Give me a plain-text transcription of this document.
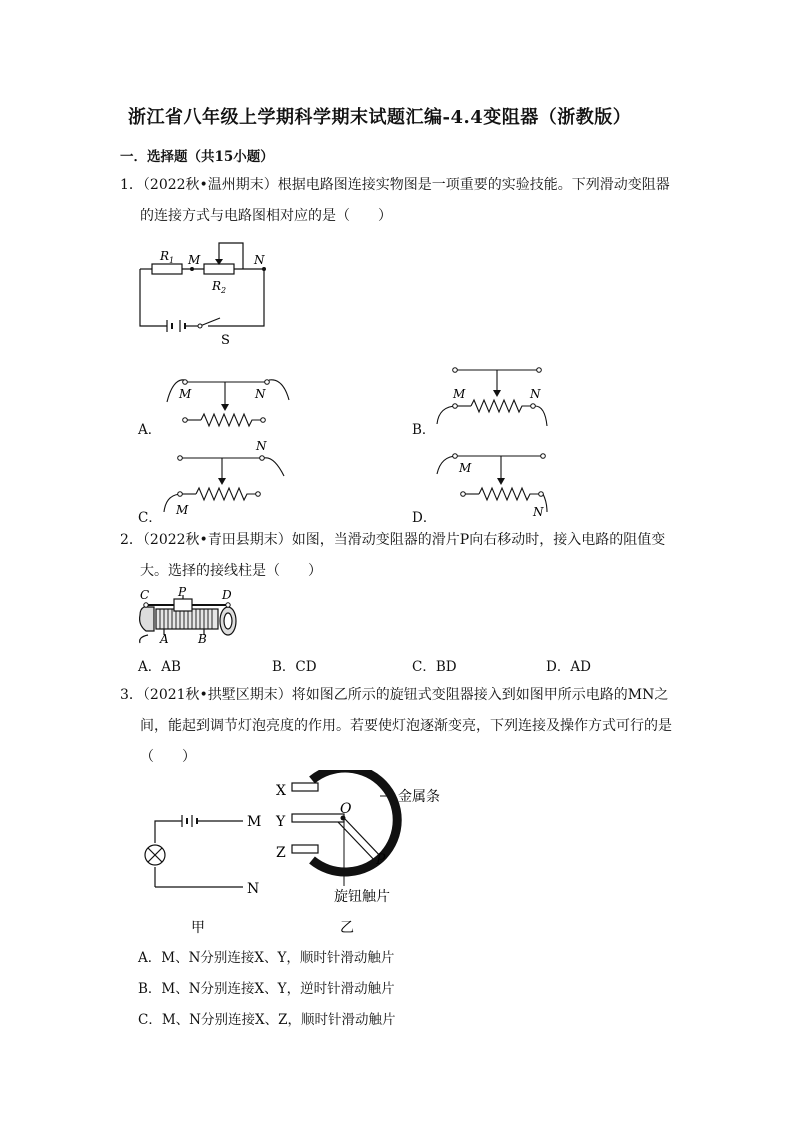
浙江省八年级上学期科学期末试题汇编-4.4变阻器（浙教版）
一．选择题（共15小题）
1．（2022秋•温州期末）根据电路图连接实物图是一项重要的实验技能。下列滑动变阻器
的连接方式与电路图相对应的是（　　）
$R_1$ M
$R_2$
N
S
A．
M	N
B．
M	N
C．
N
M	D．
M
N
2．（2022秋•青田县期末）如图，当滑动变阻器的滑片P向右移动时，接入电路的阻值变
大。选择的接线柱是（　　）
C P	D
A B
A．AB	B．CD	C．BD	D．AD
3．（2021秋•拱墅区期末）将如图乙所示的旋钮式变阻器接入到如图甲所示电路的MN之
间，能起到调节灯泡亮度的作用。若要使灯泡逐渐变亮，下列连接及操作方式可行的是
（　　）
M
N
甲
X
Y
Z
O
P
金属条
旋钮触片
乙
A．M、N分别连接X、Y，顺时针滑动触片
B．M、N分别连接X、Y，逆时针滑动触片
C．M、N分别连接X、Z，顺时针滑动触片
